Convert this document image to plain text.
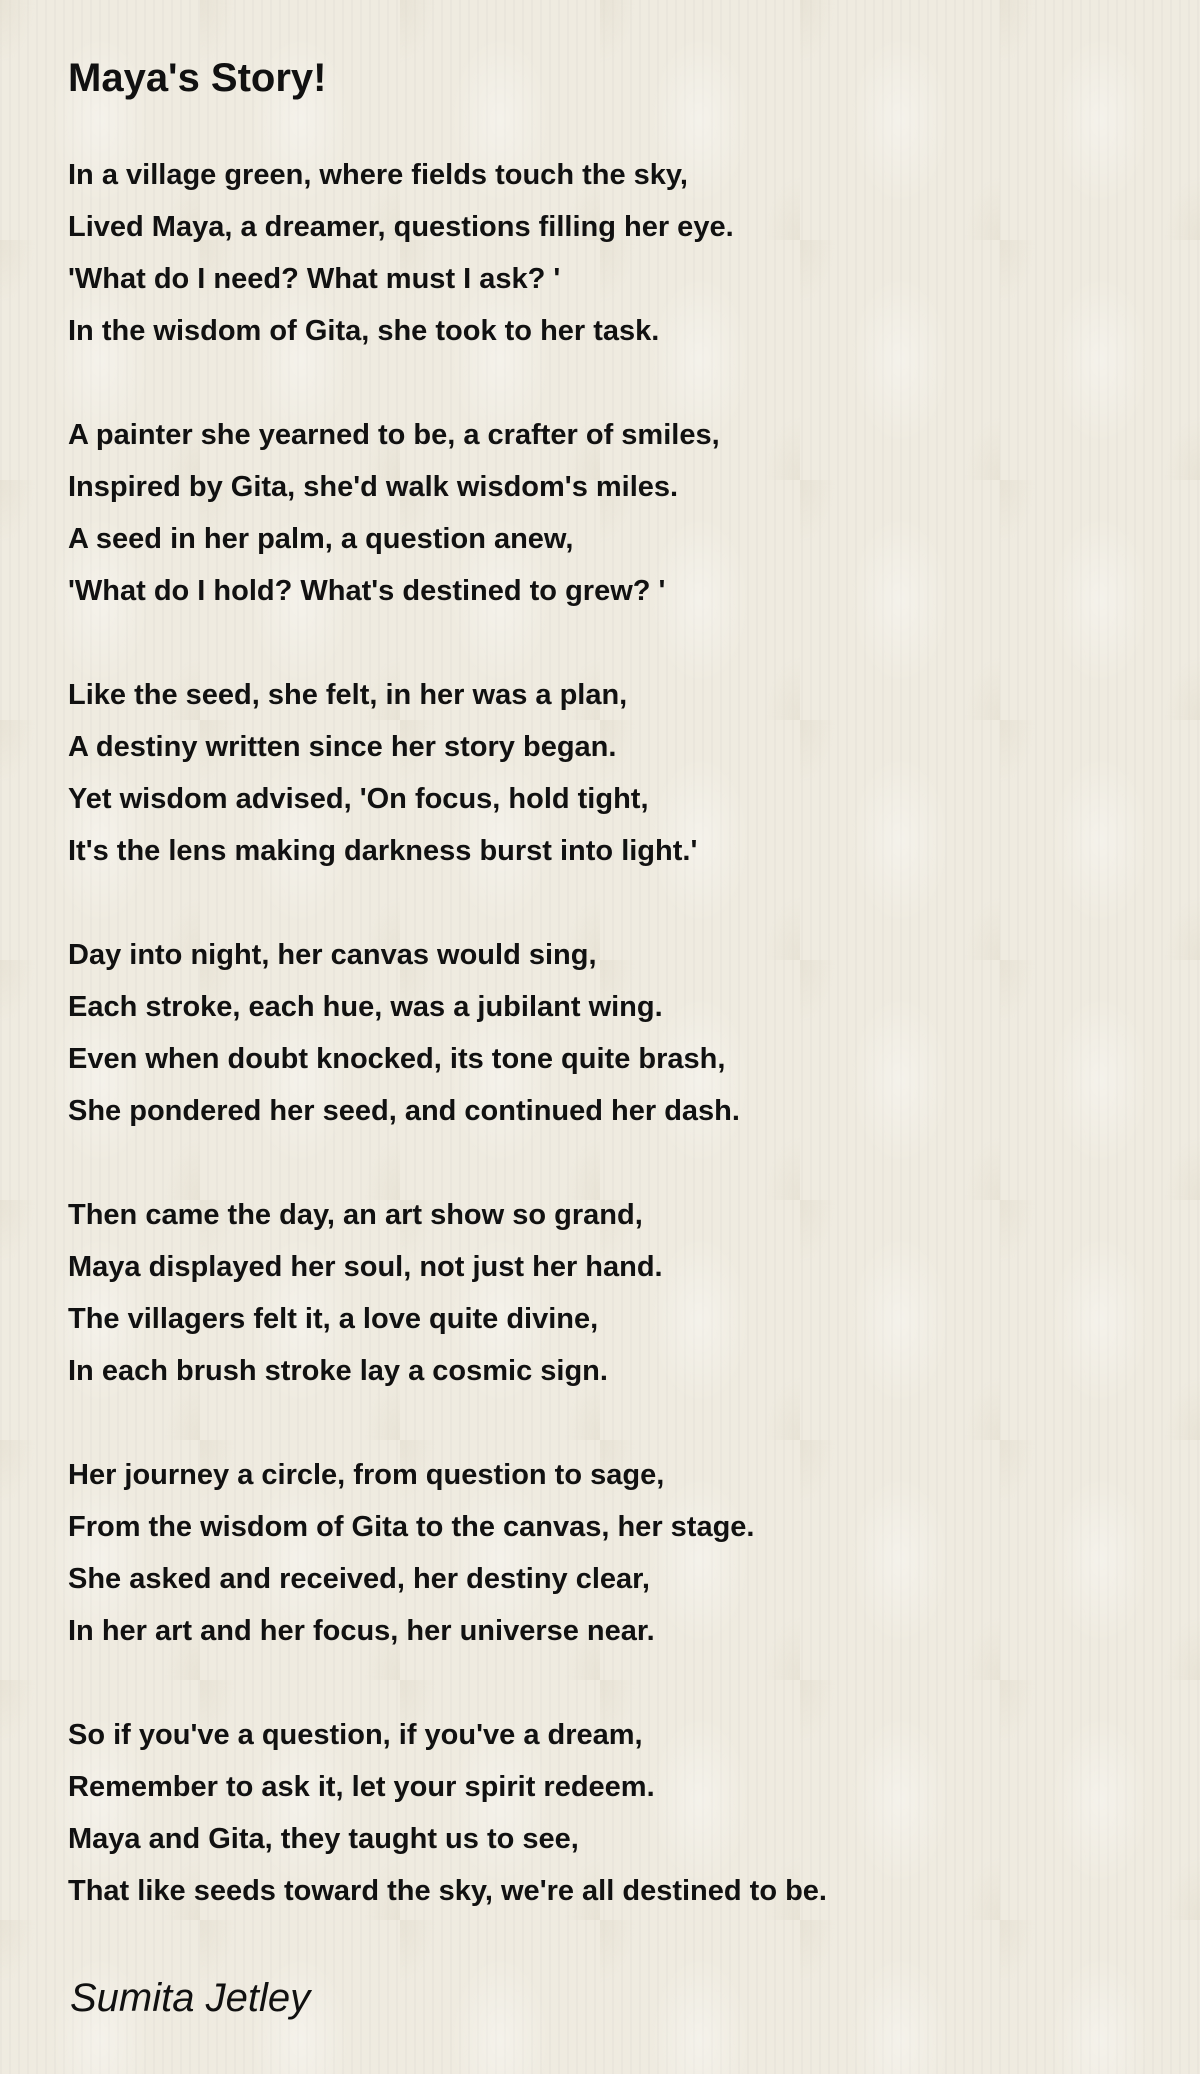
Maya's Story!
In a village green, where fields touch the sky,
Lived Maya, a dreamer, questions filling her eye.
'What do I need? What must I ask? '
In the wisdom of Gita, she took to her task.
A painter she yearned to be, a crafter of smiles,
Inspired by Gita, she'd walk wisdom's miles.
A seed in her palm, a question anew,
'What do I hold? What's destined to grew? '
Like the seed, she felt, in her was a plan,
A destiny written since her story began.
Yet wisdom advised, 'On focus, hold tight,
It's the lens making darkness burst into light.'
Day into night, her canvas would sing,
Each stroke, each hue, was a jubilant wing.
Even when doubt knocked, its tone quite brash,
She pondered her seed, and continued her dash.
Then came the day, an art show so grand,
Maya displayed her soul, not just her hand.
The villagers felt it, a love quite divine,
In each brush stroke lay a cosmic sign.
Her journey a circle, from question to sage,
From the wisdom of Gita to the canvas, her stage.
She asked and received, her destiny clear,
In her art and her focus, her universe near.
So if you've a question, if you've a dream,
Remember to ask it, let your spirit redeem.
Maya and Gita, they taught us to see,
That like seeds toward the sky, we're all destined to be.

Sumita Jetley
